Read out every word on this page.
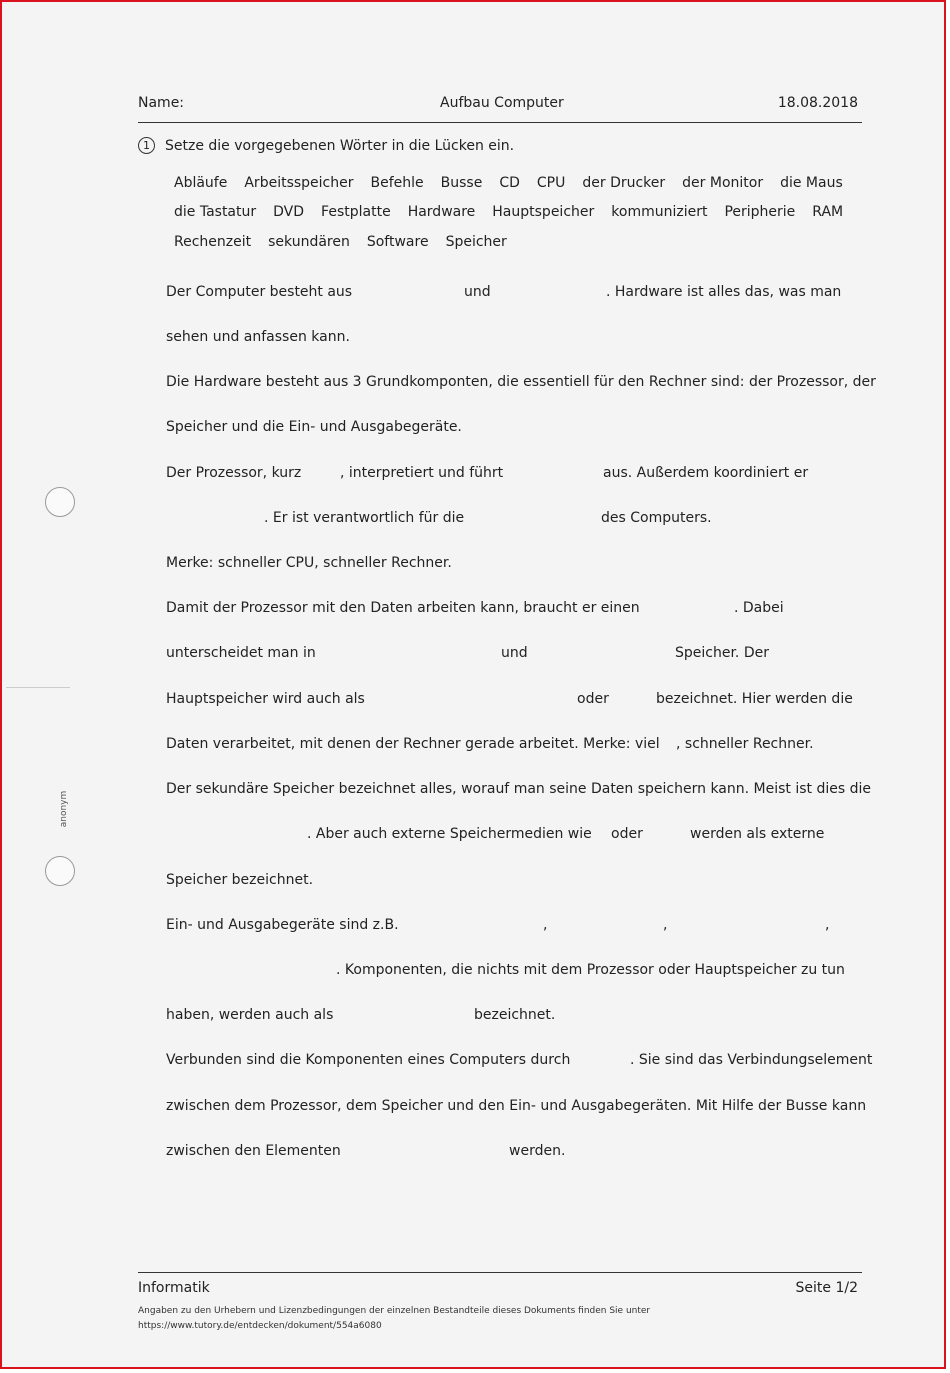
Name:	Aufbau Computer	18.08.2018
1	Setze die vorgegebenen Wörter in die Lücken ein.
Abläufe Arbeitsspeicher Befehle Busse CD CPU der Drucker der Monitor die Maus
die Tastatur DVD Festplatte Hardware Hauptspeicher kommuniziert Peripherie RAM
Rechenzeit sekundären Software Speicher
Der Computer besteht aus	und	. Hardware ist alles das, was man
sehen und anfassen kann.
Die Hardware besteht aus 3 Grundkomponten, die essentiell für den Rechner sind: der Prozessor, der
Speicher und die Ein- und Ausgabegeräte.
Der Prozessor, kurz	, interpretiert und führt	aus. Außerdem koordiniert er
. Er ist verantwortlich für die	des Computers.
Merke: schneller CPU, schneller Rechner.
Damit der Prozessor mit den Daten arbeiten kann, braucht er einen	. Dabei
unterscheidet man in	und	Speicher. Der
Hauptspeicher wird auch als	oder	bezeichnet. Hier werden die
Daten verarbeitet, mit denen der Rechner gerade arbeitet. Merke: viel , schneller Rechner.
Der sekundäre Speicher bezeichnet alles, worauf man seine Daten speichern kann. Meist ist dies die
. Aber auch externe Speichermedien wie oder	werden als externe
Speicher bezeichnet.
Ein- und Ausgabegeräte sind z.B.	,	,	,
. Komponenten, die nichts mit dem Prozessor oder Hauptspeicher zu tun
haben, werden auch als	bezeichnet.
Verbunden sind die Komponenten eines Computers durch	. Sie sind das Verbindungselement
zwischen dem Prozessor, dem Speicher und den Ein- und Ausgabegeräten. Mit Hilfe der Busse kann
zwischen den Elementen	werden.
anonym
Informatik	Seite 1/2
Angaben zu den Urhebern und Lizenzbedingungen der einzelnen Bestandteile dieses Dokuments finden Sie unter
https://www.tutory.de/entdecken/dokument/554a6080
